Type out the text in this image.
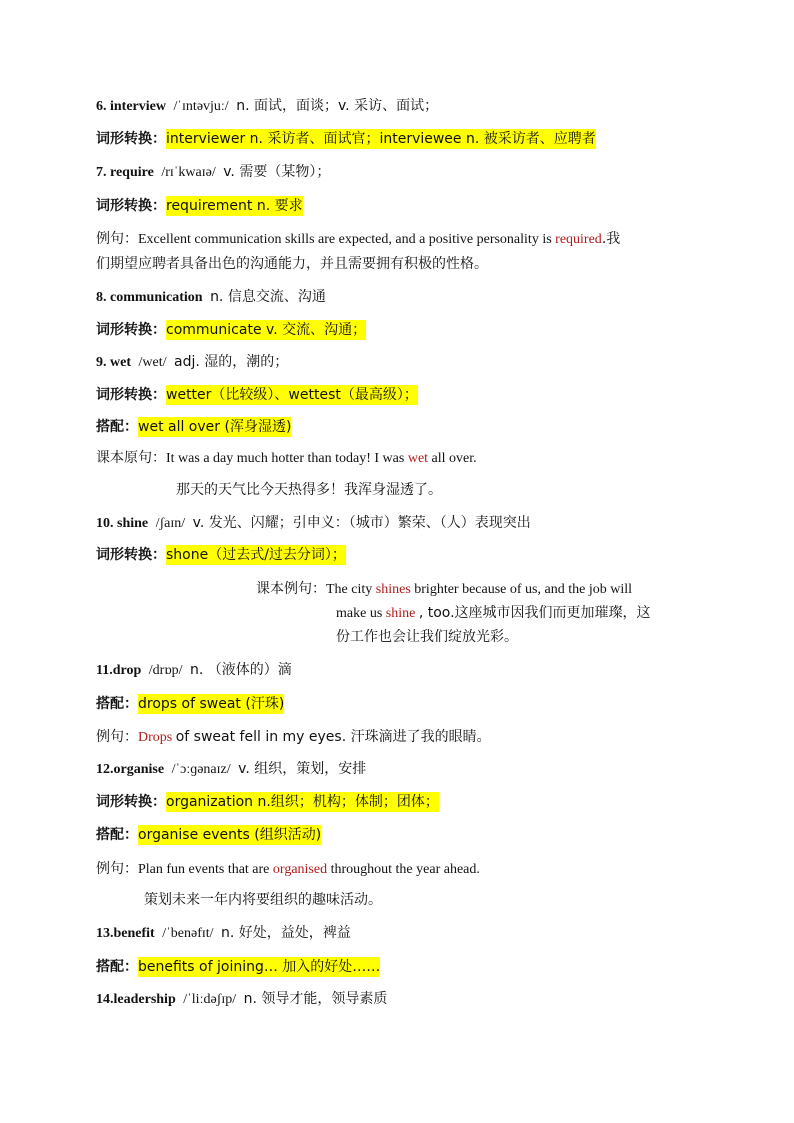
6. interview /ˈɪntəvjuː/ n. 面试，面谈；v. 采访、面试；
词形转换：interviewer n. 采访者、面试官；interviewee n. 被采访者、应聘者
7. require /rɪˈkwaɪə/ v. 需要（某物）；
词形转换：requirement n. 要求
例句：Excellent communication skills are expected, and a positive personality is required.我
们期望应聘者具备出色的沟通能力，并且需要拥有积极的性格。
8. communication n. 信息交流、沟通
词形转换：communicate v. 交流、沟通；
9. wet /wet/ adj. 湿的，潮的；
词形转换：wetter（比较级）、wettest（最高级）；
搭配：wet all over (浑身湿透)
课本原句：It was a day much hotter than today! I was wet all over.
那天的天气比今天热得多！我浑身湿透了。
10. shine /ʃaɪn/ v. 发光、闪耀；引申义：（城市）繁荣、（人）表现突出
词形转换：shone（过去式/过去分词）；
课本例句：The city shines brighter because of us, and the job will
make us shine , too.这座城市因我们而更加璀璨，这
份工作也会让我们绽放光彩。
11.drop /drɒp/ n. （液体的）滴
搭配：drops of sweat (汗珠)
例句：Drops of sweat fell in my eyes. 汗珠滴进了我的眼睛。
12.organise /ˈɔːɡənaɪz/ v. 组织，策划，安排
词形转换：organization n.组织；机构；体制；团体；
搭配：organise events (组织活动)
例句：Plan fun events that are organised throughout the year ahead.
策划未来一年内将要组织的趣味活动。
13.benefit /ˈbenəfɪt/ n. 好处，益处，裨益
搭配：benefits of joining… 加入的好处……
14.leadership /ˈliːdəʃɪp/ n. 领导才能，领导素质
